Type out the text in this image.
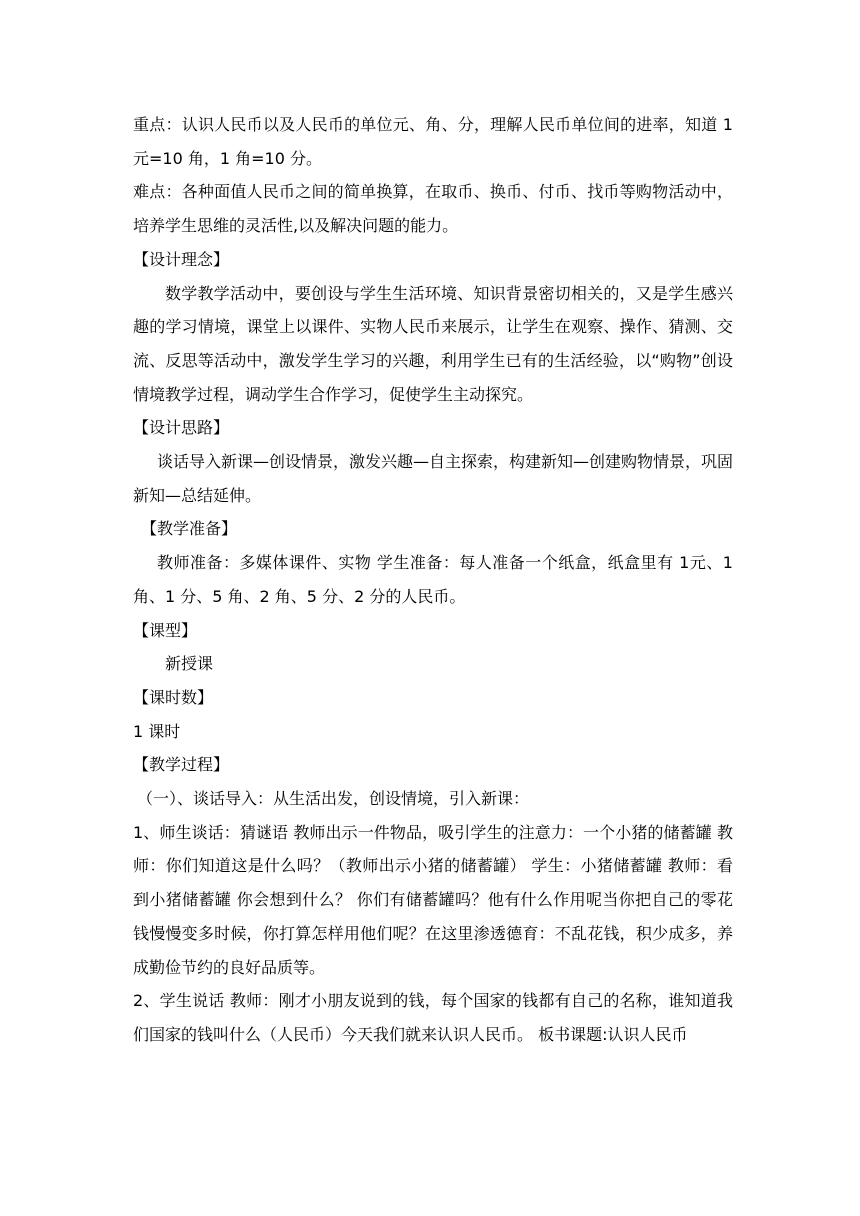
重点：认识人民币以及人民币的单位元、角、分，理解人民币单位间的进率，知道 1 元=10 角，1 角=10 分。

难点：各种面值人民币之间的简单换算，在取币、换币、付币、找币等购物活动中，培养学生思维的灵活性,以及解决问题的能力。

【设计理念】

数学教学活动中，要创设与学生生活环境、知识背景密切相关的，又是学生感兴趣的学习情境，课堂上以课件、实物人民币来展示，让学生在观察、操作、猜测、交流、反思等活动中，激发学生学习的兴趣，利用学生已有的生活经验，以“购物”创设情境教学过程，调动学生合作学习，促使学生主动探究。

【设计思路】

谈话导入新课—创设情景，激发兴趣—自主探索，构建新知—创建购物情景，巩固新知—总结延伸。

【教学准备】

教师准备：多媒体课件、实物 学生准备：每人准备一个纸盒，纸盒里有 1元、1 角、1 分、5 角、2 角、5 分、2 分的人民币。

【课型】

新授课

【课时数】

1 课时

【教学过程】

（一）、谈话导入：从生活出发，创设情境，引入新课：

1、师生谈话：猜谜语 教师出示一件物品，吸引学生的注意力：一个小猪的储蓄罐 教师：你们知道这是什么吗？（教师出示小猪的储蓄罐） 学生：小猪储蓄罐 教师：看到小猪储蓄罐 你会想到什么？ 你们有储蓄罐吗？他有什么作用呢当你把自己的零花钱慢慢变多时候，你打算怎样用他们呢？在这里渗透德育：不乱花钱，积少成多，养成勤俭节约的良好品质等。

2、学生说话 教师：刚才小朋友说到的钱，每个国家的钱都有自己的名称，谁知道我们国家的钱叫什么（人民币）今天我们就来认识人民币。 板书课题:认识人民币
